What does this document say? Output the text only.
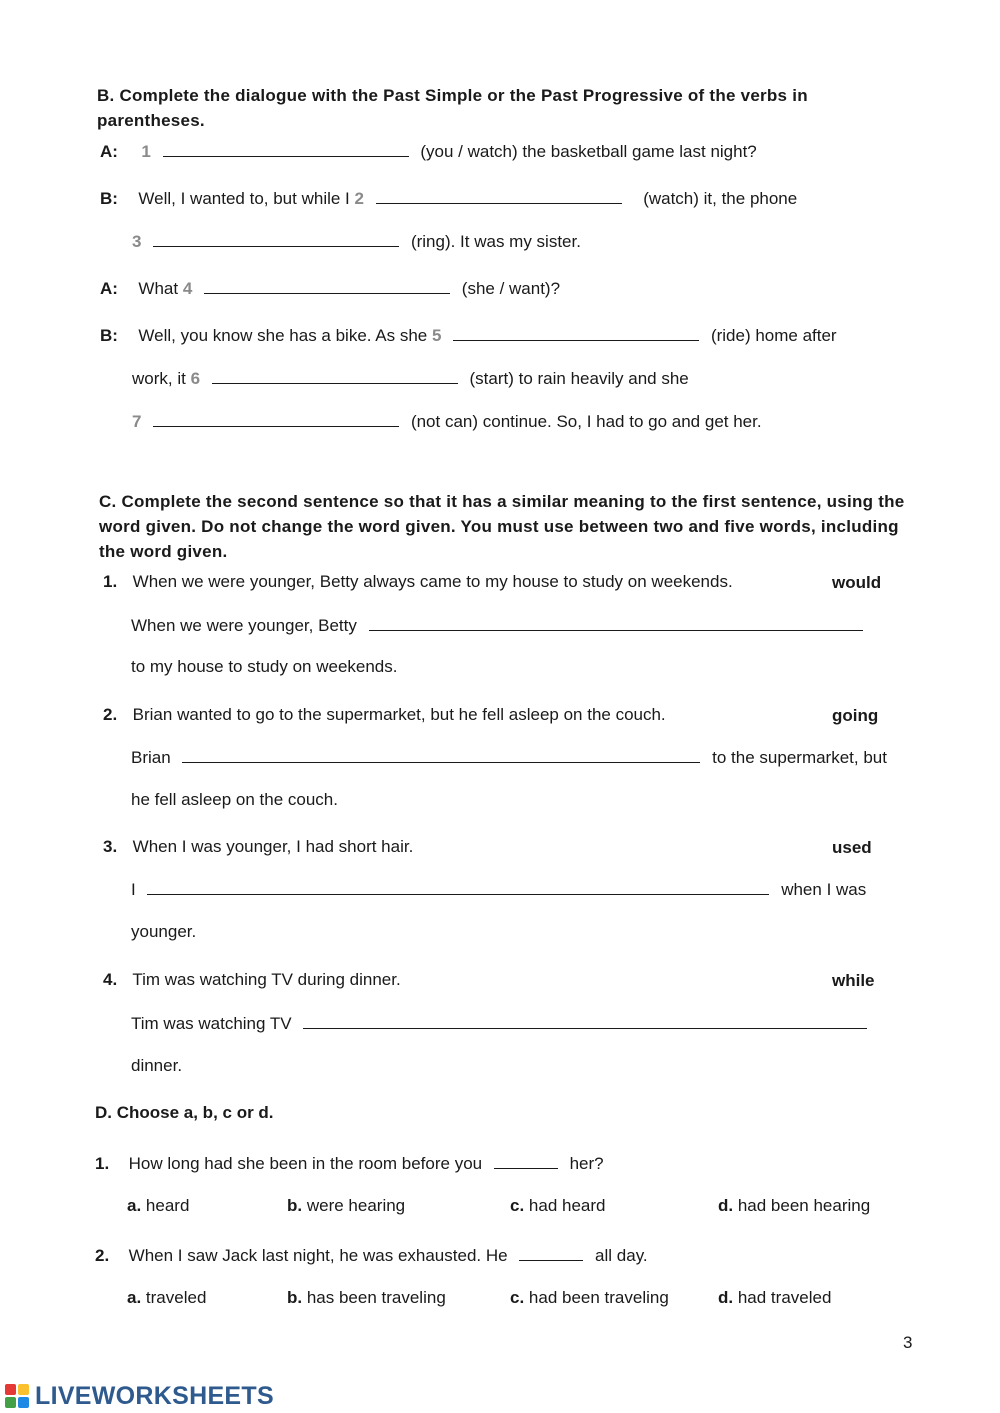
B. Complete the dialogue with the Past Simple or the Past Progressive of the verbs in parentheses.
A: 1	(you / watch) the basketball game last night?
B: Well, I wanted to, but while I 2	(watch) it, the phone
3	(ring). It was my sister.
A: What 4	(she / want)?
B: Well, you know she has a bike. As she 5	(ride) home after
work, it 6	(start) to rain heavily and she
7	(not can) continue. So, I had to go and get her.
C. Complete the second sentence so that it has a similar meaning to the first sentence, using the word given. Do not change the word given. You must use between two and five words, including the word given.
1. When we were younger, Betty always came to my house to study on weekends.	would
When we were younger, Betty
to my house to study on weekends.
2. Brian wanted to go to the supermarket, but he fell asleep on the couch.	going
Brian	to the supermarket, but
he fell asleep on the couch.
3. When I was younger, I had short hair.	used
I	when I was
younger.
4. Tim was watching TV during dinner.	while
Tim was watching TV
dinner.
D. Choose a, b, c or d.
1. How long had she been in the room before you	her?
a. heard	b. were hearing	c. had heard	d. had been hearing
2. When I saw Jack last night, he was exhausted. He	all day.
a. traveled	b. has been traveling	c. had been traveling	d. had traveled
3
LIVEWORKSHEETS
